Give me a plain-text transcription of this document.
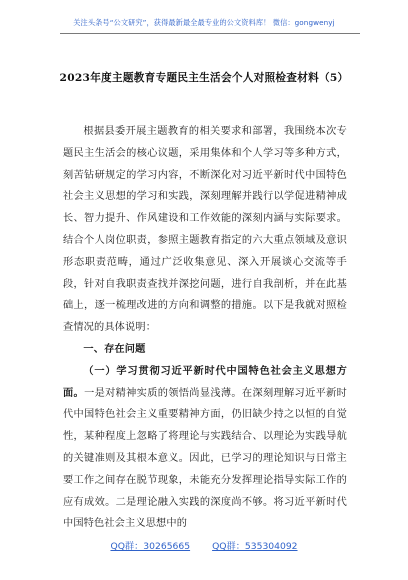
关注头条号“公文研究”，获得最新最全最专业的公文资料库！ 微信：gongwenyj
2023年度主题教育专题民主生活会个人对照检查材料（5）

根据县委开展主题教育的相关要求和部署，我围绕本次专题民主生活会的核心议题，采用集体和个人学习等多种方式，刻苦钻研规定的学习内容，不断深化对习近平新时代中国特色社会主义思想的学习和实践，深刻理解并践行以学促进精神成长、智力提升、作风建设和工作效能的深刻内涵与实际要求。结合个人岗位职责，参照主题教育指定的六大重点领域及意识形态职责范畴，通过广泛收集意见、深入开展谈心交流等手段，针对自我职责查找并深挖问题，进行自我剖析，并在此基础上，逐一梳理改进的方向和调整的措施。以下是我就对照检查情况的具体说明：

一、存在问题

（一）学习贯彻习近平新时代中国特色社会主义思想方面。一是对精神实质的领悟尚显浅薄。在深刻理解习近平新时代中国特色社会主义重要精神方面，仍旧缺少持之以恒的自觉性，某种程度上忽略了将理论与实践结合、以理论为实践导航的关键准则及其根本意义。因此，已学习的理论知识与日常主要工作之间存在脱节现象，未能充分发挥理论指导实际工作的应有成效。二是理论融入实践的深度尚不够。将习近平新时代中国特色社会主义思想中的

QQ群：30265665 QQ群：535304092
